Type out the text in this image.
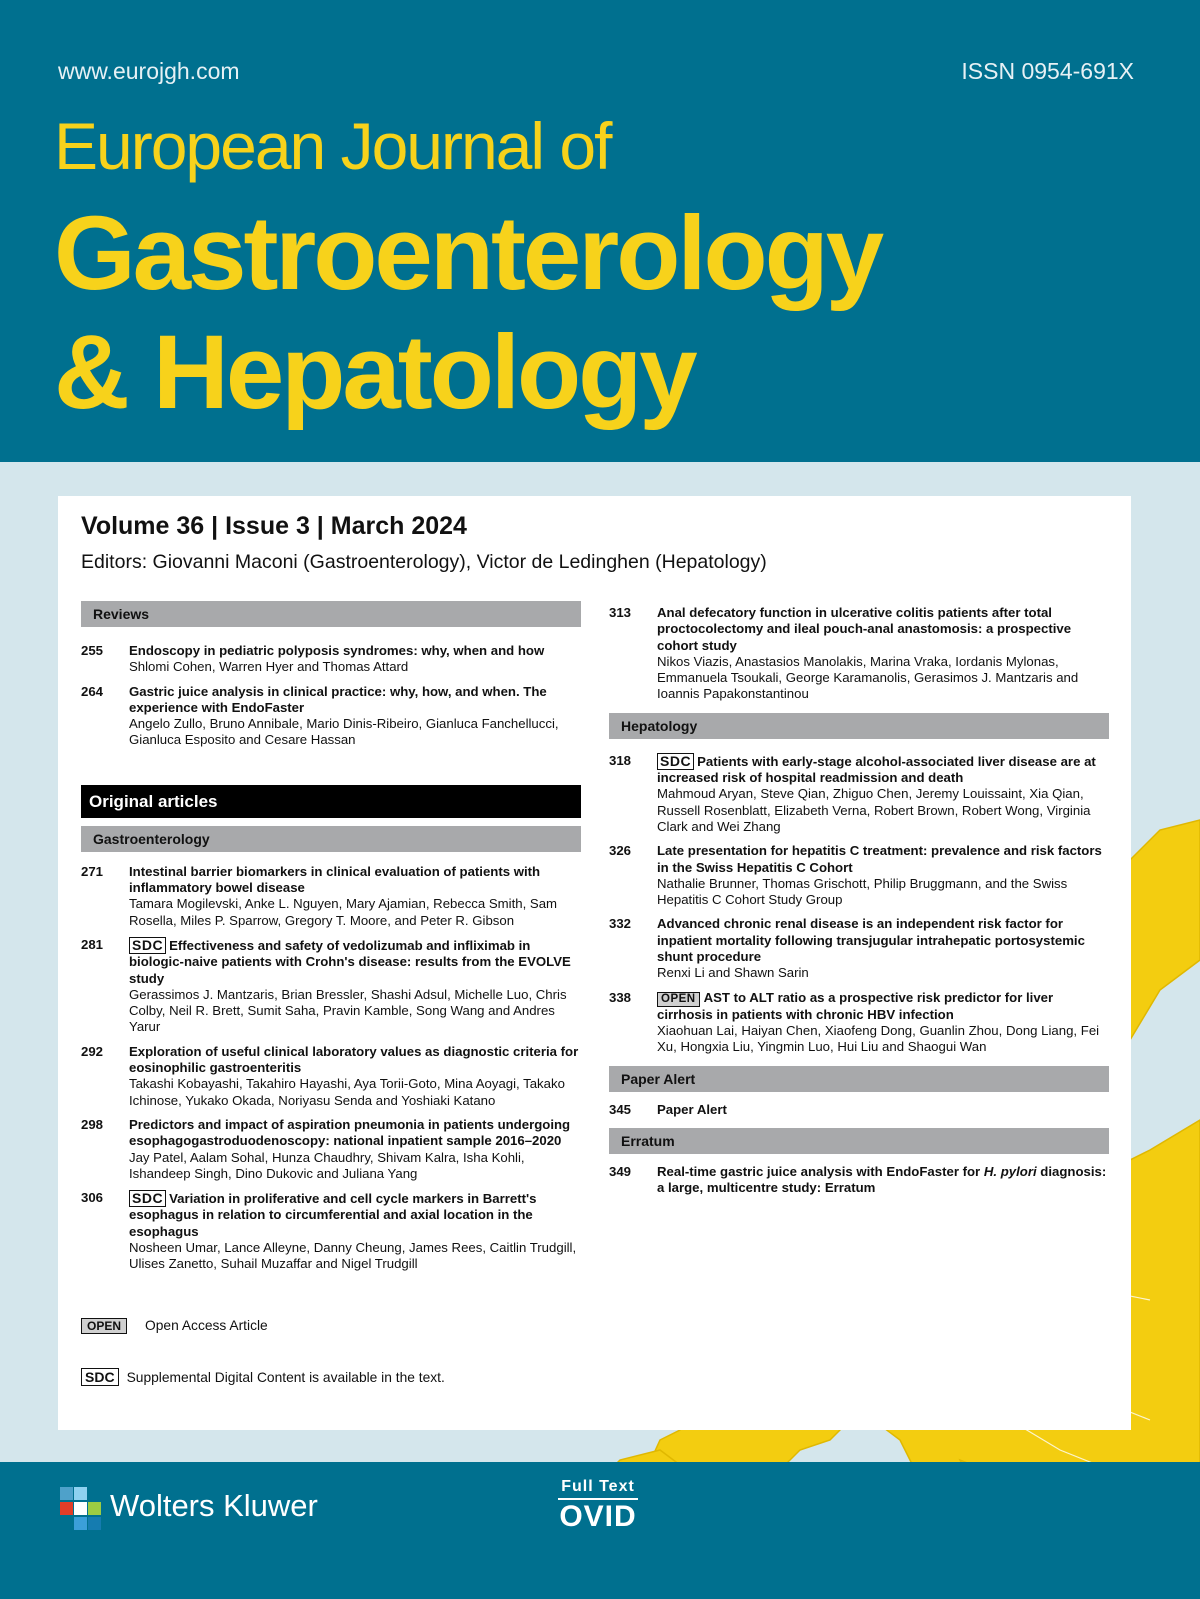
www.eurojgh.com	ISSN 0954-691X
European Journal of
Gastroenterology
& Hepatology
Volume 36 | Issue 3 | March 2024
Editors: Giovanni Maconi (Gastroenterology), Victor de Ledinghen (Hepatology)
Reviews
255 Endoscopy in pediatric polyposis syndromes: why, when and how
Shlomi Cohen, Warren Hyer and Thomas Attard
264 Gastric juice analysis in clinical practice: why, how, and when. The experience with EndoFaster
Angelo Zullo, Bruno Annibale, Mario Dinis-Ribeiro, Gianluca Fanchellucci, Gianluca Esposito and Cesare Hassan
Original articles
Gastroenterology
271 Intestinal barrier biomarkers in clinical evaluation of patients with inflammatory bowel disease
Tamara Mogilevski, Anke L. Nguyen, Mary Ajamian, Rebecca Smith, Sam Rosella, Miles P. Sparrow, Gregory T. Moore, and Peter R. Gibson
281 SDC Effectiveness and safety of vedolizumab and infliximab in biologic-naive patients with Crohn's disease: results from the EVOLVE study
Gerassimos J. Mantzaris, Brian Bressler, Shashi Adsul, Michelle Luo, Chris Colby, Neil R. Brett, Sumit Saha, Pravin Kamble, Song Wang and Andres Yarur
292 Exploration of useful clinical laboratory values as diagnostic criteria for eosinophilic gastroenteritis
Takashi Kobayashi, Takahiro Hayashi, Aya Torii-Goto, Mina Aoyagi, Takako Ichinose, Yukako Okada, Noriyasu Senda and Yoshiaki Katano
298 Predictors and impact of aspiration pneumonia in patients undergoing esophagogastroduodenoscopy: national inpatient sample 2016–2020
Jay Patel, Aalam Sohal, Hunza Chaudhry, Shivam Kalra, Isha Kohli, Ishandeep Singh, Dino Dukovic and Juliana Yang
306 SDC Variation in proliferative and cell cycle markers in Barrett's esophagus in relation to circumferential and axial location in the esophagus
Nosheen Umar, Lance Alleyne, Danny Cheung, James Rees, Caitlin Trudgill, Ulises Zanetto, Suhail Muzaffar and Nigel Trudgill
OPEN Open Access Article
SDC Supplemental Digital Content is available in the text.
313 Anal defecatory function in ulcerative colitis patients after total proctocolectomy and ileal pouch-anal anastomosis: a prospective cohort study
Nikos Viazis, Anastasios Manolakis, Marina Vraka, Iordanis Mylonas, Emmanuela Tsoukali, George Karamanolis, Gerasimos J. Mantzaris and Ioannis Papakonstantinou
Hepatology
318 SDC Patients with early-stage alcohol-associated liver disease are at increased risk of hospital readmission and death
Mahmoud Aryan, Steve Qian, Zhiguo Chen, Jeremy Louissaint, Xia Qian, Russell Rosenblatt, Elizabeth Verna, Robert Brown, Robert Wong, Virginia Clark and Wei Zhang
326 Late presentation for hepatitis C treatment: prevalence and risk factors in the Swiss Hepatitis C Cohort
Nathalie Brunner, Thomas Grischott, Philip Bruggmann, and the Swiss Hepatitis C Cohort Study Group
332 Advanced chronic renal disease is an independent risk factor for inpatient mortality following transjugular intrahepatic portosystemic shunt procedure
Renxi Li and Shawn Sarin
338	OPEN AST to ALT ratio as a prospective risk predictor for liver cirrhosis in patients with chronic HBV infection
Xiaohuan Lai, Haiyan Chen, Xiaofeng Dong, Guanlin Zhou, Dong Liang, Fei Xu, Hongxia Liu, Yingmin Luo, Hui Liu and Shaogui Wan
Paper Alert
345 Paper Alert
Erratum
349 Real-time gastric juice analysis with EndoFaster for H. pylori diagnosis: a large, multicentre study: Erratum
Wolters Kluwer
Full Text
OVID
